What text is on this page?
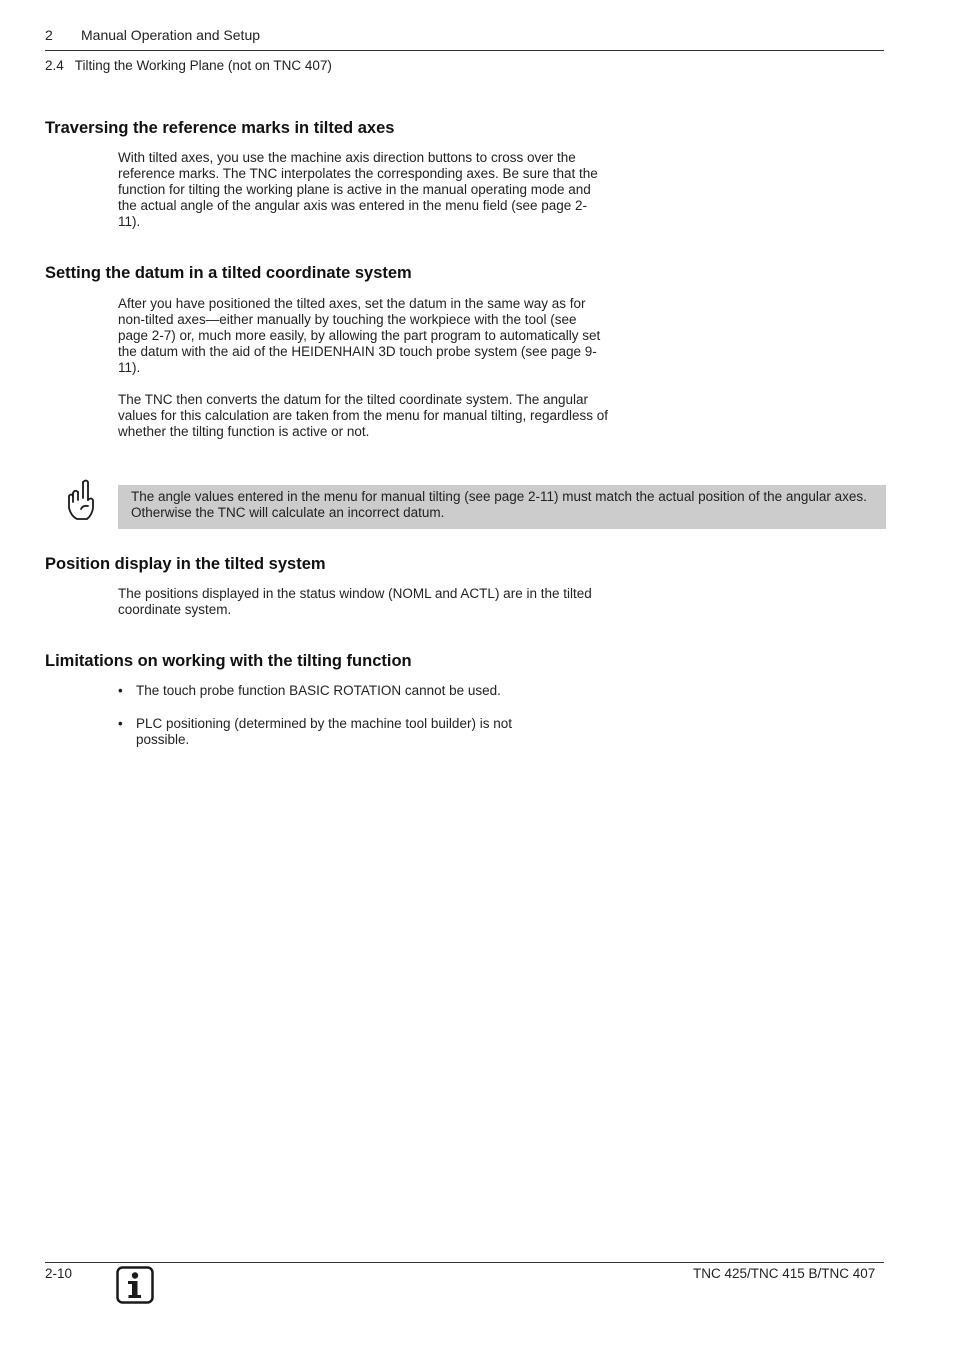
2 Manual Operation and Setup
2.4   Tilting the Working Plane (not on TNC 407)
Traversing the reference marks in tilted axes

With tilted axes, you use the machine axis direction buttons to cross over the reference marks. The TNC interpolates the corresponding axes. Be sure that the function for tilting the working plane is active in the manual operating mode and the actual angle of the angular axis was entered in the menu field (see page 2-11).

Setting the datum in a tilted coordinate system

After you have positioned the tilted axes, set the datum in the same way as for non-tilted axes—either manually by touching the workpiece with the tool (see page 2-7) or, much more easily, by allowing the part program to automatically set the datum with the aid of the HEIDENHAIN 3D touch probe system (see page 9-11).

The TNC then converts the datum for the tilted coordinate system. The angular values for this calculation are taken from the menu for manual tilting, regardless of whether the tilting function is active or not.

The angle values entered in the menu for manual tilting (see page 2-11) must match the actual position of the angular axes. Otherwise the TNC will calculate an incorrect datum.

Position display in the tilted system

The positions displayed in the status window (NOML and ACTL) are in the tilted coordinate system.

Limitations on working with the tilting function
• The touch probe function BASIC ROTATION cannot be used.

• PLC positioning (determined by the machine tool builder) is not possible.

2-10	TNC 425/TNC 415 B/TNC 407
